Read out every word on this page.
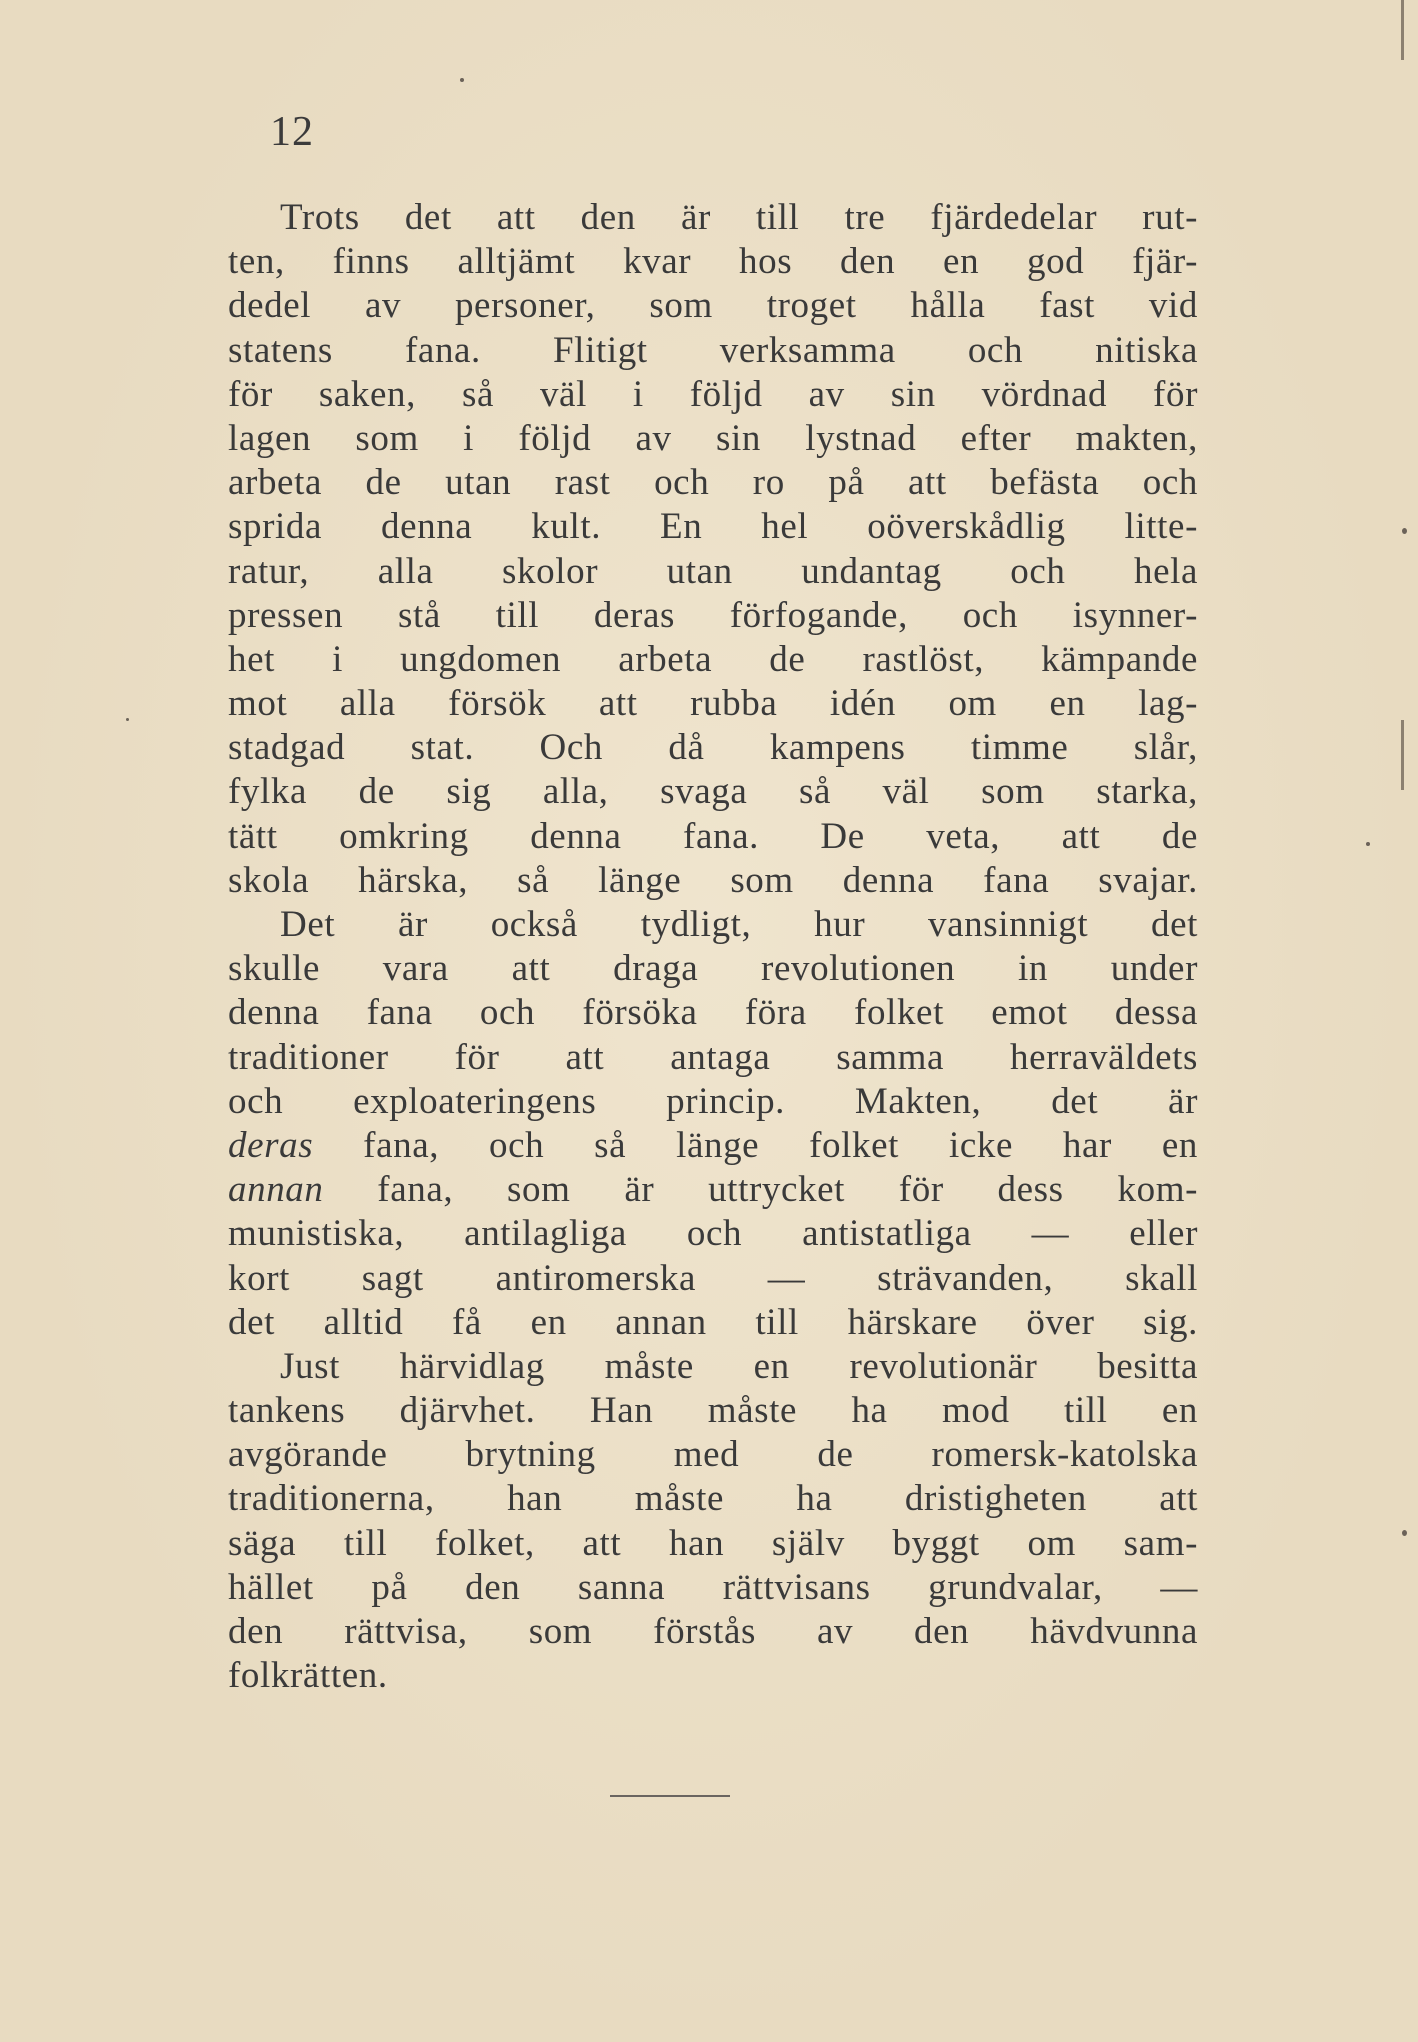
12
Trots det att den är till tre fjärdedelar rut-
ten, finns alltjämt kvar hos den en god fjär-
dedel av personer, som troget hålla fast vid
statens fana. Flitigt verksamma och nitiska
för saken, så väl i följd av sin vördnad för
lagen som i följd av sin lystnad efter makten,
arbeta de utan rast och ro på att befästa och
sprida denna kult. En hel oöverskådlig litte-
ratur, alla skolor utan undantag och hela
pressen stå till deras förfogande, och isynner-
het i ungdomen arbeta de rastlöst, kämpande
mot alla försök att rubba idén om en lag-
stadgad stat. Och då kampens timme slår,
fylka de sig alla, svaga så väl som starka,
tätt omkring denna fana. De veta, att de
skola härska, så länge som denna fana svajar.
Det är också tydligt, hur vansinnigt det
skulle vara att draga revolutionen in under
denna fana och försöka föra folket emot dessa
traditioner för att antaga samma herraväldets
och exploateringens princip. Makten, det är
deras fana, och så länge folket icke har en
annan fana, som är uttrycket för dess kom-
munistiska, antilagliga och antistatliga — eller
kort sagt antiromerska — strävanden, skall
det alltid få en annan till härskare över sig.
Just härvidlag måste en revolutionär besitta
tankens djärvhet. Han måste ha mod till en
avgörande brytning med de romersk-katolska
traditionerna, han måste ha dristigheten att
säga till folket, att han själv byggt om sam-
hället på den sanna rättvisans grundvalar, —
den rättvisa, som förstås av den hävdvunna
folkrätten.
